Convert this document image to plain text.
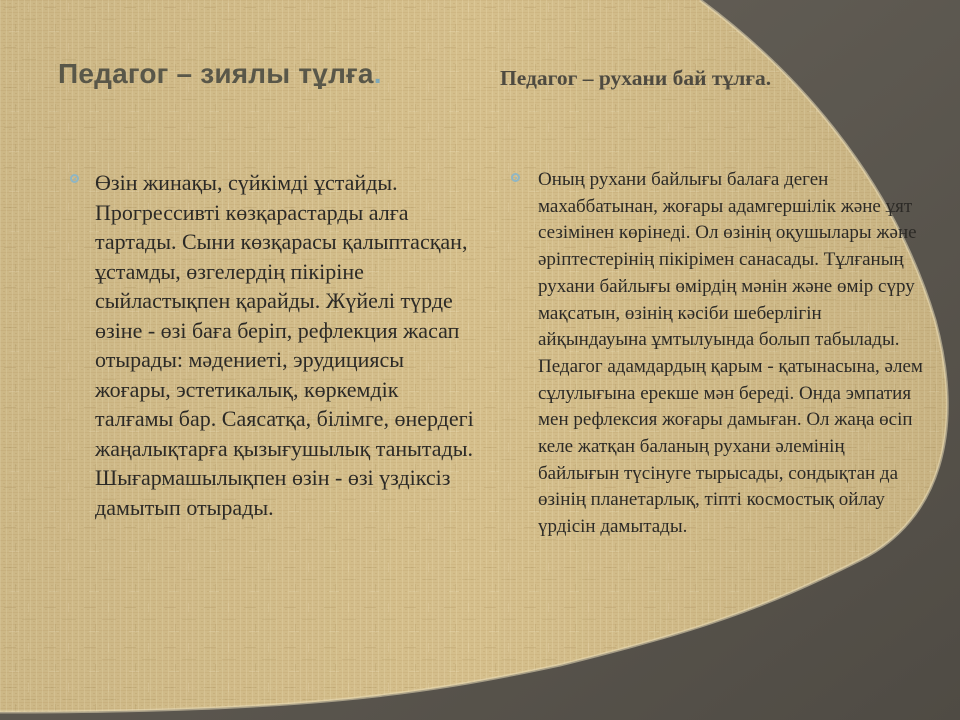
Педагог – зиялы тұлға.	Педагог – рухани бай тұлға.

Өзін жинақы, сүйкімді ұстайды. Прогрессивті көзқарастарды алға тартады. Сыни көзқарасы қалыптасқан, ұстамды, өзгелердің пікіріне сыйластықпен қарайды. Жүйелі түрде өзіне - өзі баға беріп, рефлекция жасап отырады: мәдениеті, эрудициясы жоғары, эстетикалық, көркемдік талғамы бар. Саясатқа, білімге, өнердегі жаңалықтарға қызығушылық танытады. Шығармашылықпен өзін - өзі үздіксіз дамытып отырады.

Оның рухани байлығы балаға деген махаббатынан, жоғары адамгершілік және ұят сезімінен көрінеді. Ол өзінің оқушылары және әріптестерінің пікірімен санасады. Тұлғаның рухани байлығы өмірдің мәнін және өмір сүру мақсатын, өзінің кәсіби шеберлігін айқындауына ұмтылуында болып табылады. Педагог адамдардың қарым - қатынасына, әлем сұлулығына ерекше мән береді. Онда эмпатия мен рефлексия жоғары дамыған. Ол жаңа өсіп келе жатқан баланың рухани әлемінің байлығын түсінуге тырысады, сондықтан да өзінің планетарлық, тіпті космостық ойлау үрдісін дамытады.
